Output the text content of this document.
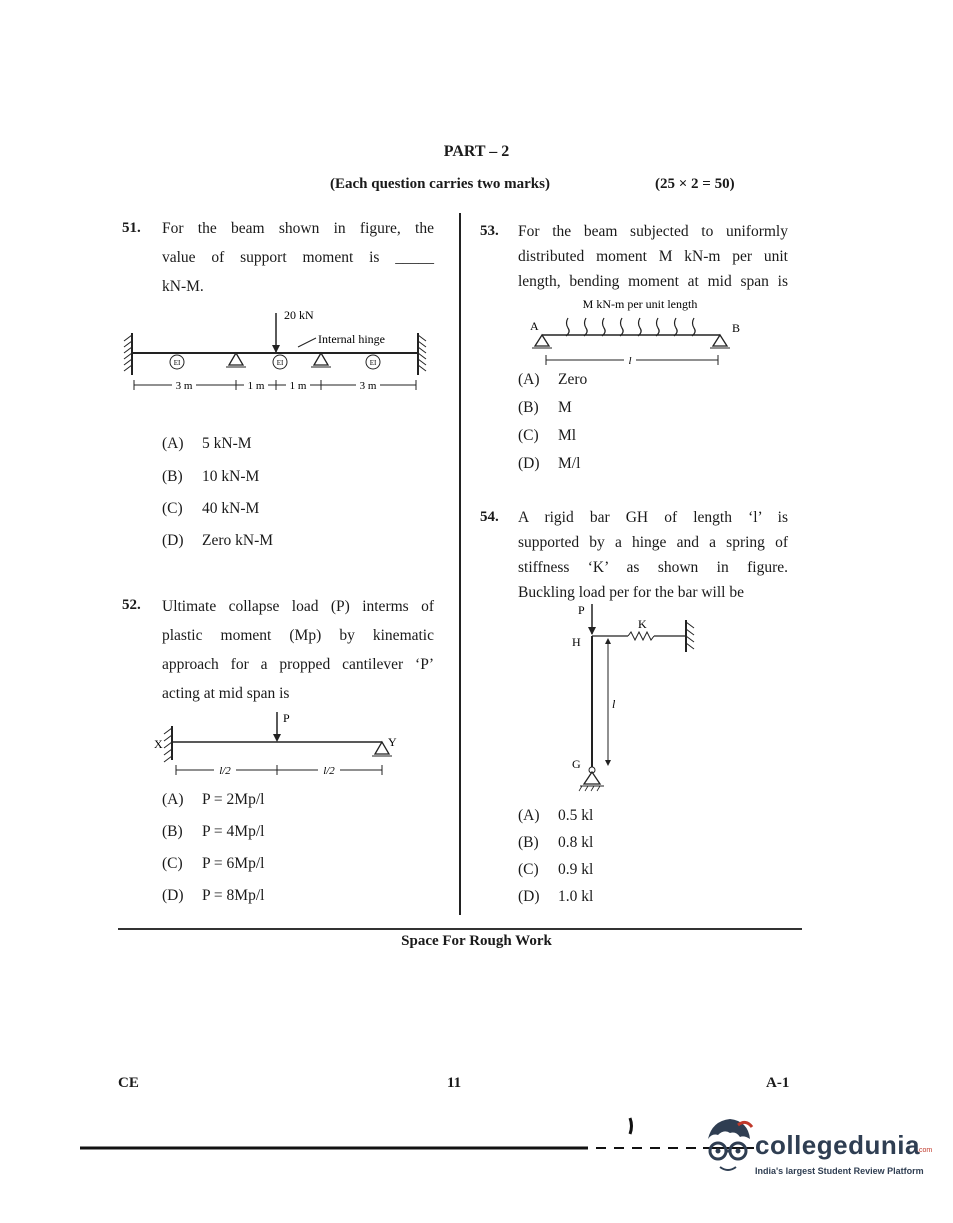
PART – 2
(Each question carries two marks)	(25 × 2 = 50)
51. For the beam shown in figure, the
value of support moment is _____
kN-M.
20 kN
Internal hinge
EI	EI	EI
3 m	1 m 1 m	3 m
(A) 5 kN-M
(B) 10 kN-M
(C) 40 kN-M
(D) Zero kN-M
52. Ultimate collapse load (P) interms of
plastic moment (Mp) by kinematic
approach for a propped cantilever ‘P’
acting at mid span is
X
P
Y
l/2	l/2
(A) P = 2Mp/l
(B) P = 4Mp/l
(C) P = 6Mp/l
(D) P = 8Mp/l
53. For the beam subjected to uniformly
distributed moment M kN-m per unit
length, bending moment at mid span is
M kN-m per unit length
A	B
l
(A) Zero
(B) M
(C) Ml
(D) M/l
54. A rigid bar GH of length ‘l’ is
supported by a hinge and a spring of
stiffness ‘K’ as shown in figure.
Buckling load per for the bar will be
P
H
K
l
G
(A) 0.5 kl
(B) 0.8 kl
(C) 0.9 kl
(D) 1.0 kl
Space For Rough Work
CE	11	A-1
collegedunia
.com
India's largest Student Review Platform
